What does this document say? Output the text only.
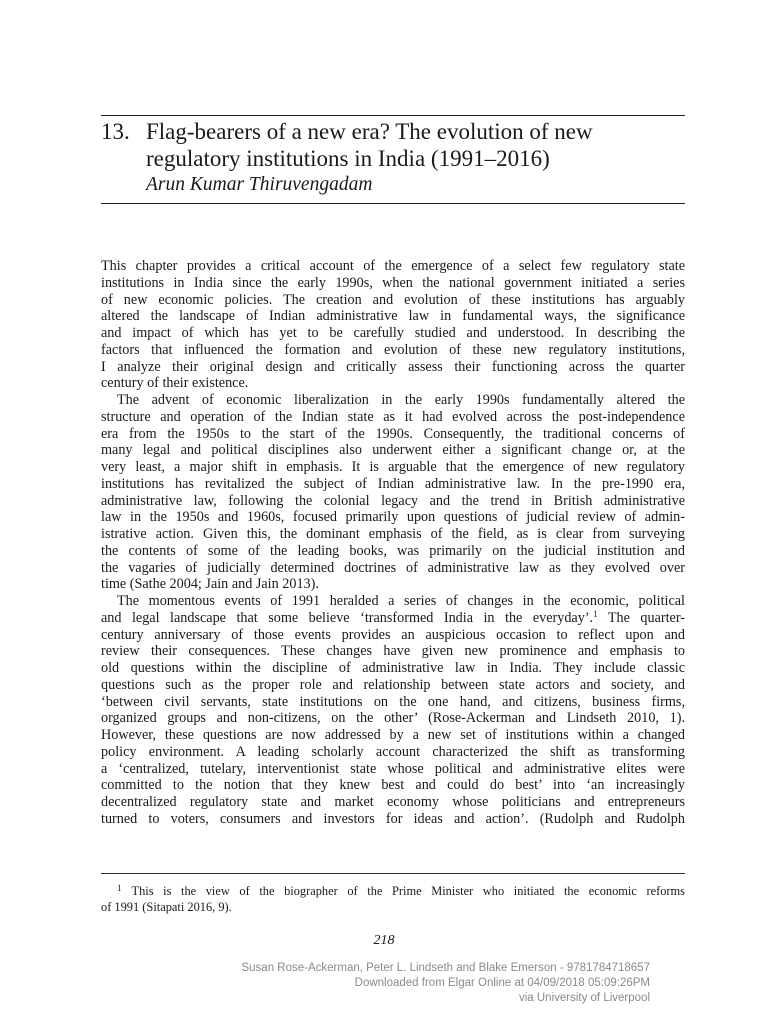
13. Flag-bearers of a new era? The evolution of new
regulatory institutions in India (1991–2016)
Arun Kumar Thiruvengadam
This chapter provides a critical account of the emergence of a select few regulatory state
institutions in India since the early 1990s, when the national government initiated a series
of new economic policies. The creation and evolution of these institutions has arguably
altered the landscape of Indian administrative law in fundamental ways, the significance
and impact of which has yet to be carefully studied and understood. In describing the
factors that influenced the formation and evolution of these new regulatory institutions,
I analyze their original design and critically assess their functioning across the quarter
century of their existence.
The advent of economic liberalization in the early 1990s fundamentally altered the
structure and operation of the Indian state as it had evolved across the post-independence
era from the 1950s to the start of the 1990s. Consequently, the traditional concerns of
many legal and political disciplines also underwent either a significant change or, at the
very least, a major shift in emphasis. It is arguable that the emergence of new regulatory
institutions has revitalized the subject of Indian administrative law. In the pre-1990 era,
administrative law, following the colonial legacy and the trend in British administrative
law in the 1950s and 1960s, focused primarily upon questions of judicial review of admin-
istrative action. Given this, the dominant emphasis of the field, as is clear from surveying
the contents of some of the leading books, was primarily on the judicial institution and
the vagaries of judicially determined doctrines of administrative law as they evolved over
time (Sathe 2004; Jain and Jain 2013).
The momentous events of 1991 heralded a series of changes in the economic, political
and legal landscape that some believe ‘transformed India in the everyday’.$^1$ The quarter-
century anniversary of those events provides an auspicious occasion to reflect upon and
review their consequences. These changes have given new prominence and emphasis to
old questions within the discipline of administrative law in India. They include classic
questions such as the proper role and relationship between state actors and society, and
‘between civil servants, state institutions on the one hand, and citizens, business firms,
organized groups and non-citizens, on the other’ (Rose-Ackerman and Lindseth 2010, 1).
However, these questions are now addressed by a new set of institutions within a changed
policy environment. A leading scholarly account characterized the shift as transforming
a ‘centralized, tutelary, interventionist state whose political and administrative elites were
committed to the notion that they knew best and could do best’ into ‘an increasingly
decentralized regulatory state and market economy whose politicians and entrepreneurs
turned to voters, consumers and investors for ideas and action’. (Rudolph and Rudolph
$^1$ This is the view of the biographer of the Prime Minister who initiated the economic reforms
of 1991 (Sitapati 2016, 9).
218
Susan Rose-Ackerman, Peter L. Lindseth and Blake Emerson - 9781784718657
Downloaded from Elgar Online at 04/09/2018 05:09:26PM
via University of Liverpool
